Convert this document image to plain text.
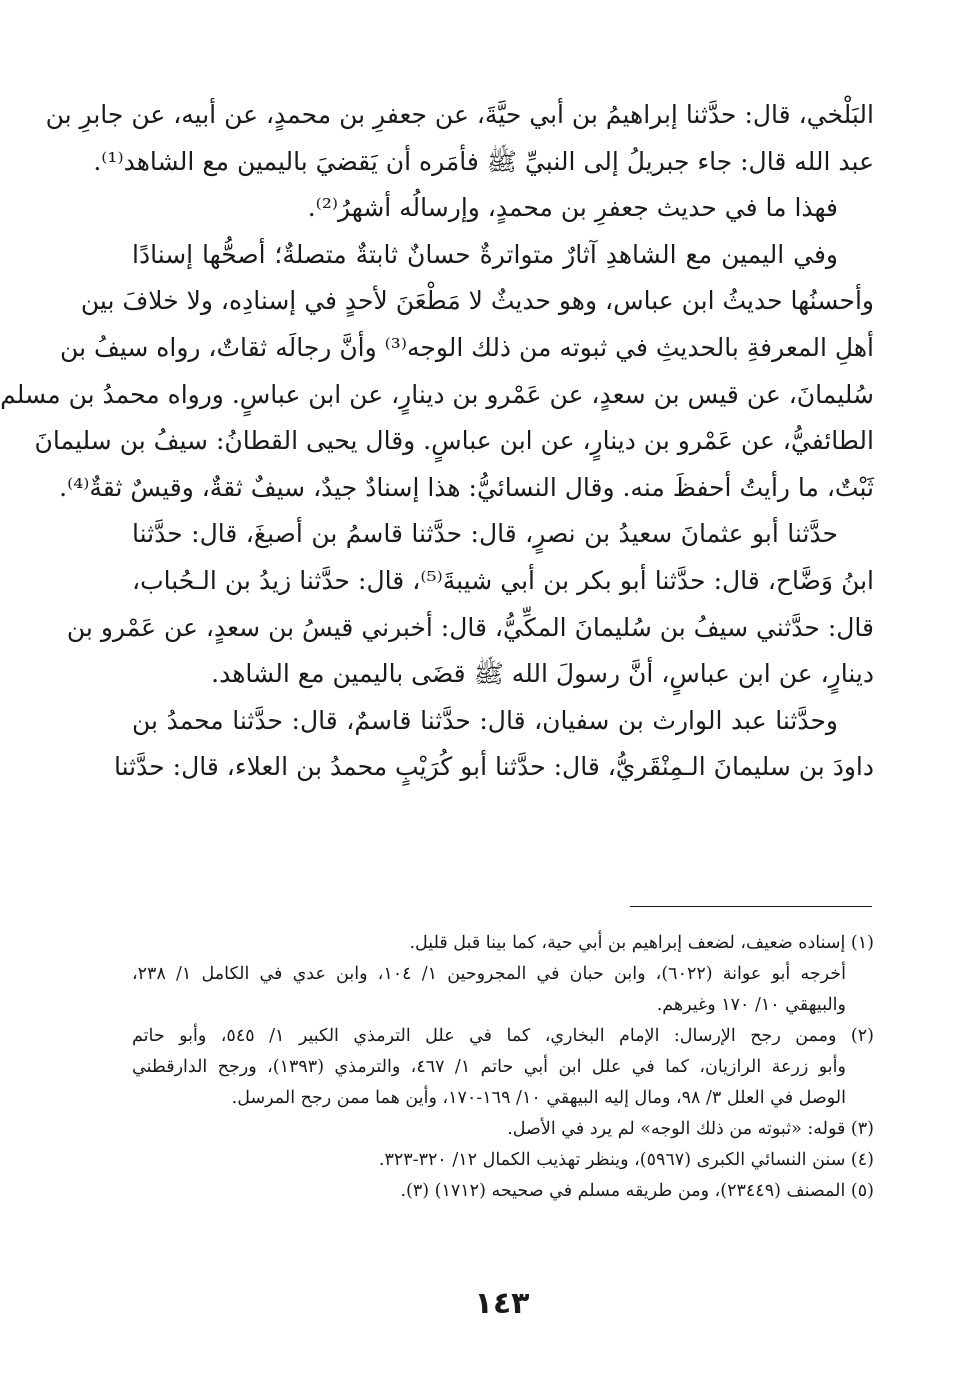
البَلْخي، قال: حدَّثنا إبراهيمُ بن أبي حيَّةَ، عن جعفرِ بن محمدٍ، عن أبيه، عن جابرِ بن
عبد الله قال: جاء جبريلُ إلى النبيِّ ﷺ فأمَره أن يَقضيَ باليمين مع الشاهد⁽¹⁾.
فهذا ما في حديث جعفرِ بن محمدٍ، وإرسالُه أشهرُ⁽²⁾.
وفي اليمين مع الشاهدِ آثارٌ متواترةٌ حسانٌ ثابتةٌ متصلةٌ؛ أصحُّها إسنادًا
وأحسنُها حديثُ ابن عباس، وهو حديثٌ لا مَطْعَنَ لأحدٍ في إسنادِه، ولا خلافَ بين
أهلِ المعرفةِ بالحديثِ في ثبوته من ذلك الوجه⁽³⁾ وأنَّ رجالَه ثقاتٌ، رواه سيفُ بن
سُليمانَ، عن قيس بن سعدٍ، عن عَمْرو بن دينارٍ، عن ابن عباسٍ. ورواه محمدُ بن مسلم
الطائفيُّ، عن عَمْرو بن دينارٍ، عن ابن عباسٍ. وقال يحيى القطانُ: سيفُ بن سليمانَ
ثَبْتٌ، ما رأيتُ أحفظَ منه. وقال النسائيُّ: هذا إسنادٌ جيدٌ، سيفٌ ثقةٌ، وقيسٌ ثقةٌ⁽⁴⁾.
حدَّثنا أبو عثمانَ سعيدُ بن نصرٍ، قال: حدَّثنا قاسمُ بن أصبغَ، قال: حدَّثنا
ابنُ وَضَّاح، قال: حدَّثنا أبو بكر بن أبي شيبةَ⁽⁵⁾، قال: حدَّثنا زيدُ بن الـحُباب،
قال: حدَّثني سيفُ بن سُليمانَ المكِّيُّ، قال: أخبرني قيسُ بن سعدٍ، عن عَمْرو بن
دينارٍ، عن ابن عباسٍ، أنَّ رسولَ الله ﷺ قضَى باليمين مع الشاهد.
وحدَّثنا عبد الوارث بن سفيان، قال: حدَّثنا قاسمٌ، قال: حدَّثنا محمدُ بن
داودَ بن سليمانَ الـمِنْقَريُّ، قال: حدَّثنا أبو كُرَيْبٍ محمدُ بن العلاء، قال: حدَّثنا
(١) إسناده ضعيف، لضعف إبراهيم بن أبي حية، كما بينا قبل قليل.
أخرجه أبو عوانة (٦٠٢٢)، وابن حبان في المجروحين ١/ ١٠٤، وابن عدي في الكامل ١/ ٢٣٨،
والبيهقي ١٠/ ١٧٠ وغيرهم.
(٢) وممن رجح الإرسال: الإمام البخاري، كما في علل الترمذي الكبير ١/ ٥٤٥، وأبو حاتم
وأبو زرعة الرازيان، كما في علل ابن أبي حاتم ١/ ٤٦٧، والترمذي (١٣٩٣)، ورجح الدارقطني
الوصل في العلل ٣/ ٩٨، ومال إليه البيهقي ١٠/ ١٦٩-١٧٠، وأين هما ممن رجح المرسل.
(٣) قوله: «ثبوته من ذلك الوجه» لم يرد في الأصل.
(٤) سنن النسائي الكبرى (٥٩٦٧)، وينظر تهذيب الكمال ١٢/ ٣٢٠-٣٢٣.
(٥) المصنف (٢٣٤٤٩)، ومن طريقه مسلم في صحيحه (١٧١٢) (٣).
١٤٣
